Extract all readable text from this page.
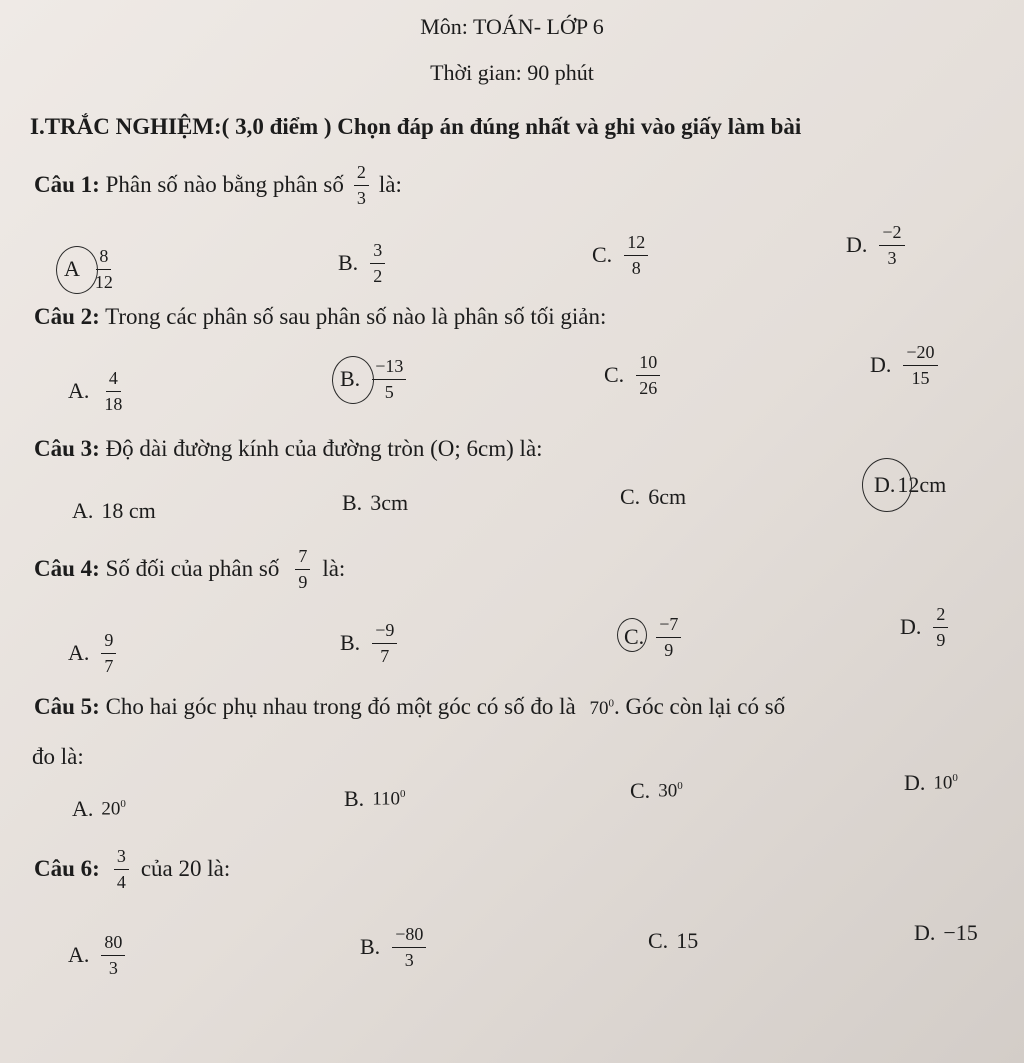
Môn: TOÁN- LỚP 6
Thời gian: 90 phút
I.TRẮC NGHIỆM:( 3,0 điểm ) Chọn đáp án đúng nhất và ghi vào giấy làm bài
Câu 1:
Phân số nào bằng phân số $\frac{2}{3}$ là:
A $\frac{8}{12}$	B. $\frac{3}{2}$	C. $\frac{12}{8}$	D. $\frac{-2}{3}$
Câu 2: Trong các phân số sau phân số nào là phân số tối giản:
A. $\frac{4}{18}$	B. $\frac{-13}{5}$	C. $\frac{10}{26}$	D. $\frac{-20}{15}$
Câu 3: Độ dài đường kính của đường tròn (O; 6cm) là:
A. 18 cm	B. 3cm	C. 6cm	D. 12cm
Câu 4:
Số đối của phân số $\frac{7}{9}$ là:
A. $\frac{9}{7}$	B. $\frac{-9}{7}$	C. $\frac{-7}{9}$	D. $\frac{2}{9}$
Câu 5: Cho hai góc phụ nhau trong đó một góc có số đo là $70^0$. Góc còn lại có số
đo là:
A. $20^0$	B. $110^0$	C. $30^0$	D. $10^0$
Câu 6: $\frac{3}{4}$ của 20 là:
A. $\frac{80}{3}$	B. $\frac{-80}{3}$	C. 15	D. −15
